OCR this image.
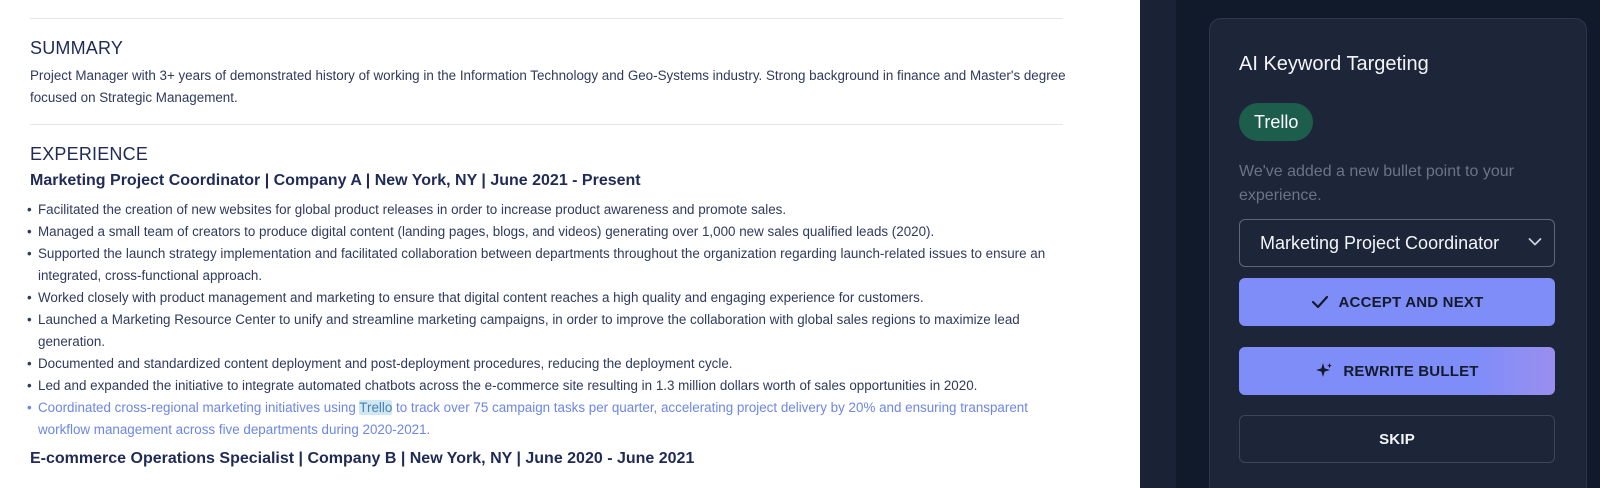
SUMMARY

Project Manager with 3+ years of demonstrated history of working in the Information Technology and Geo-Systems industry. Strong background in finance and Master's degree focused on Strategic Management.

EXPERIENCE
Marketing Project Coordinator | Company A | New York, NY | June 2021 - Present
• Facilitated the creation of new websites for global product releases in order to increase product awareness and promote sales.
• Managed a small team of creators to produce digital content (landing pages, blogs, and videos) generating over 1,000 new sales qualified leads (2020).
• Supported the launch strategy implementation and facilitated collaboration between departments throughout the organization regarding launch-related issues to ensure an integrated, cross-functional approach.
• Worked closely with product management and marketing to ensure that digital content reaches a high quality and engaging experience for customers.
• Launched a Marketing Resource Center to unify and streamline marketing campaigns, in order to improve the collaboration with global sales regions to maximize lead generation.
• Documented and standardized content deployment and post-deployment procedures, reducing the deployment cycle.
• Led and expanded the initiative to integrate automated chatbots across the e-commerce site resulting in 1.3 million dollars worth of sales opportunities in 2020.
• Coordinated cross-regional marketing initiatives using Trello to track over 75 campaign tasks per quarter, accelerating project delivery by 20% and ensuring transparent workflow management across five departments during 2020-2021.
E-commerce Operations Specialist | Company B | New York, NY | June 2020 - June 2021
AI Keyword Targeting
Trello

We've added a new bullet point to your experience.

Marketing Project Coordinator
ACCEPT AND NEXT
REWRITE BULLET
SKIP
